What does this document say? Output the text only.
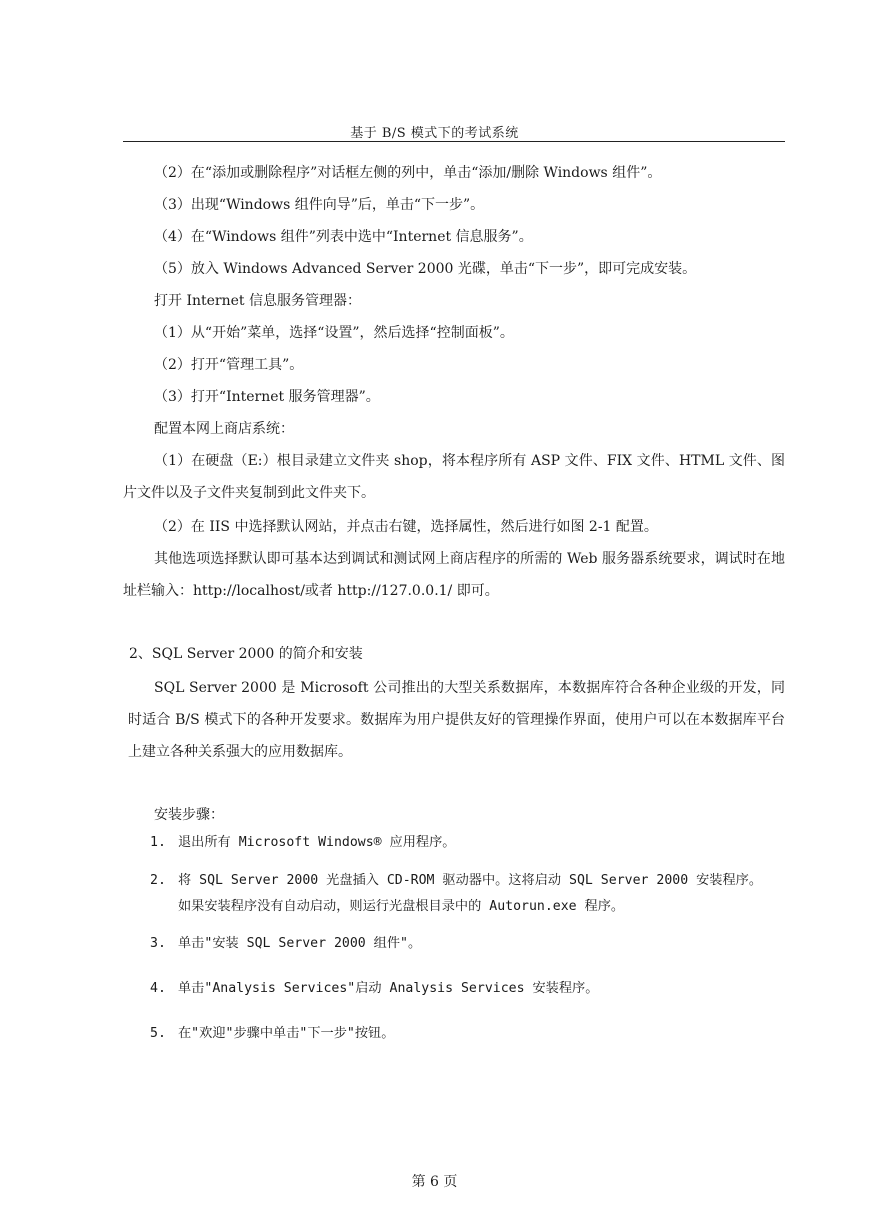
基于 B/S 模式下的考试系统
（2）在“添加或删除程序”对话框左侧的列中，单击“添加/删除 Windows 组件”。
（3）出现“Windows 组件向导”后，单击“下一步”。
（4）在“Windows 组件”列表中选中“Internet 信息服务”。
（5）放入 Windows Advanced Server 2000 光碟，单击“下一步”，即可完成安装。
打开 Internet 信息服务管理器：
（1）从“开始”菜单，选择“设置”，然后选择“控制面板”。
（2）打开“管理工具”。
（3）打开“Internet 服务管理器”。
配置本网上商店系统：
（1）在硬盘（E:）根目录建立文件夹 shop，将本程序所有 ASP 文件、FIX 文件、HTML 文件、图片文件以及子文件夹复制到此文件夹下。
（2）在 IIS 中选择默认网站，并点击右键，选择属性，然后进行如图 2-1 配置。
其他选项选择默认即可基本达到调试和测试网上商店程序的所需的 Web 服务器系统要求，调试时在地址栏输入：http://localhost/或者 http://127.0.0.1/ 即可。
2、SQL Server 2000 的简介和安装
SQL Server 2000 是 Microsoft 公司推出的大型关系数据库，本数据库符合各种企业级的开发，同时适合 B/S 模式下的各种开发要求。数据库为用户提供友好的管理操作界面，使用户可以在本数据库平台上建立各种关系强大的应用数据库。
安装步骤：
1. 退出所有 Microsoft Windows® 应用程序。
2. 将 SQL Server 2000 光盘插入 CD-ROM 驱动器中。这将启动 SQL Server 2000 安装程序。
如果安装程序没有自动启动，则运行光盘根目录中的 Autorun.exe 程序。
3. 单击"安装 SQL Server 2000 组件"。
4. 单击"Analysis Services"启动 Analysis Services 安装程序。
5. 在"欢迎"步骤中单击"下一步"按钮。
第 6 页
